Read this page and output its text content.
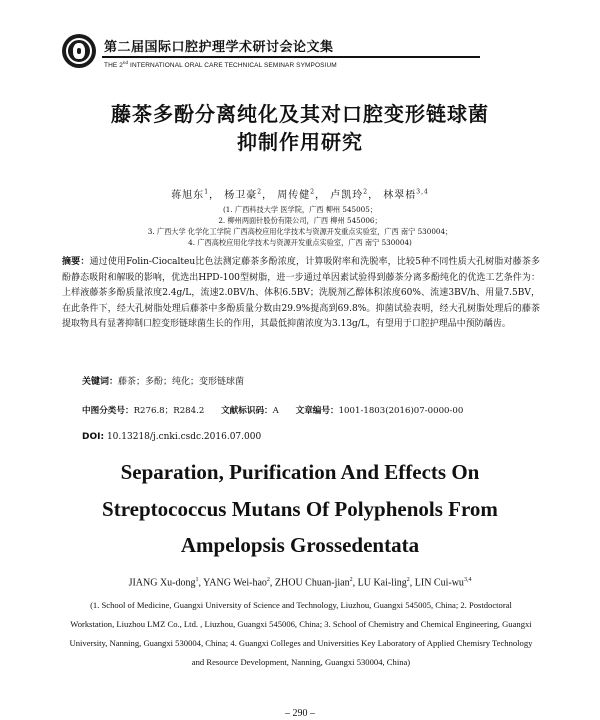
第二届国际口腔护理学术研讨会论文集
THE 2nd INTERNATIONAL ORAL CARE TECHNICAL SEMINAR SYMPOSIUM
藤茶多酚分离纯化及其对口腔变形链球菌
抑制作用研究
蒋旭东$^1$， 杨卫豪$^2$， 周传健$^2$， 卢凯玲$^2$， 林翠梧$^{3,4}$
(1. 广西科技大学 医学院，广西 柳州 545005；
2. 柳州两面针股份有限公司，广西 柳州 545006；
3. 广西大学 化学化工学院 广西高校应用化学技术与资源开发重点实验室，广西 南宁 530004；
4. 广西高校应用化学技术与资源开发重点实验室，广西 南宁 530004)
摘要：通过使用Folin-Ciocalteu比色法测定藤茶多酚浓度，计算吸附率和洗脱率，比较5种不同性质大孔树脂对藤茶多酚静态吸附和解吸的影响，优选出HPD-100型树脂，进一步通过单因素试验得到藤茶分离多酚纯化的优选工艺条件为：上样液藤茶多酚质量浓度2.4g/L，流速2.0BV/h、体积6.5BV；洗脱剂乙醇体积浓度60%、流速3BV/h、用量7.5BV，在此条件下，经大孔树脂处理后藤茶中多酚质量分数由29.9%提高到69.8%。抑菌试验表明，经大孔树脂处理后的藤茶提取物具有显著抑制口腔变形链球菌生长的作用，其最低抑菌浓度为3.13g/L，有望用于口腔护理品中预防龋齿。
关键词：藤茶；多酚；纯化；变形链球菌
中图分类号：R276.8；R284.2 文献标识码：A 文章编号：1001-1803(2016)07-0000-00
DOI: 10.13218/j.cnki.csdc.2016.07.000
Separation, Purification And Effects On
Streptococcus Mutans Of Polyphenols From
Ampelopsis Grossedentata
JIANG Xu-dong$^1$, YANG Wei-hao$^2$, ZHOU Chuan-jian$^2$, LU Kai-ling$^2$, LIN Cui-wu$^{3,4}$
(1. School of Medicine, Guangxi University of Science and Technology, Liuzhou, Guangxi 545005, China; 2. Postdoctoral Workstation, Liuzhou LMZ Co., Ltd. , Liuzhou, Guangxi 545006, China; 3. School of Chemistry and Chemical Engineering, Guangxi University, Nanning, Guangxi 530004, China; 4. Guangxi Colleges and Universities Key Laboratory of Applied Chemisry Technology and Resource Development, Nanning, Guangxi 530004, China)
– 290 –
